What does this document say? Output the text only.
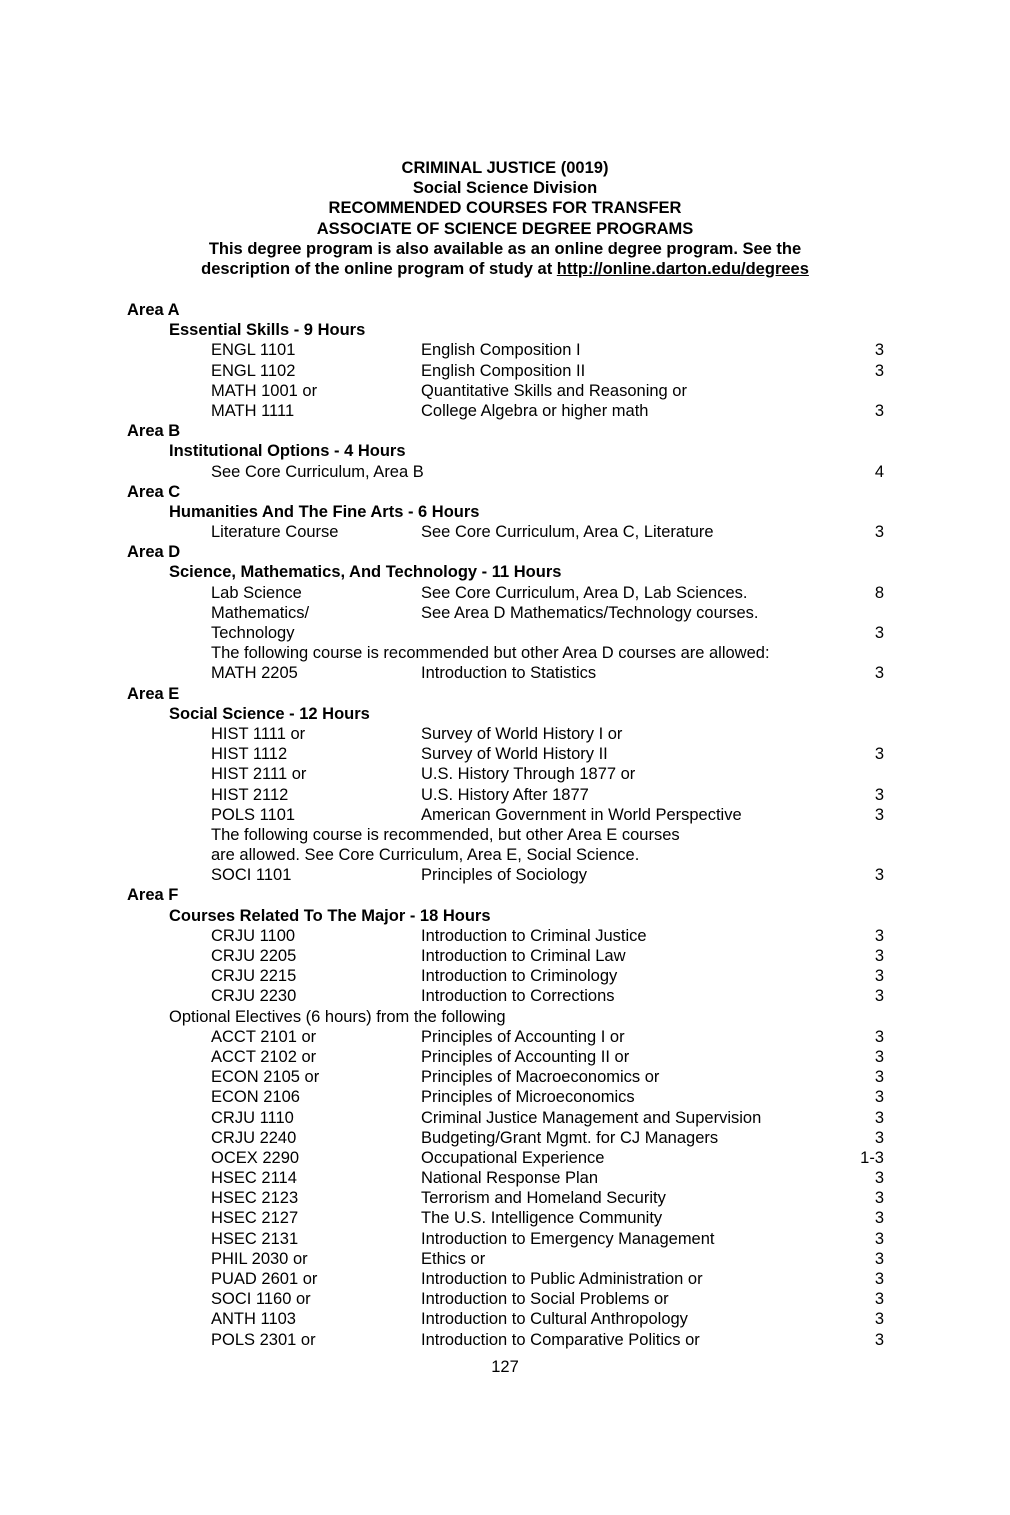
CRIMINAL JUSTICE (0019)
Social Science Division
RECOMMENDED COURSES FOR TRANSFER
ASSOCIATE OF SCIENCE DEGREE PROGRAMS
This degree program is also available as an online degree program. See the
description of the online program of study at http://online.darton.edu/degrees
Area A
Essential Skills - 9 Hours
ENGL 1101	English Composition I	3
ENGL 1102	English Composition II	3
MATH 1001 or	Quantitative Skills and Reasoning or
MATH 1111	College Algebra or higher math	3
Area B
Institutional Options - 4 Hours
See Core Curriculum, Area B	4
Area C
Humanities And The Fine Arts - 6 Hours
Literature Course	See Core Curriculum, Area C, Literature	3
Area D
Science, Mathematics, And Technology - 11 Hours
Lab Science	See Core Curriculum, Area D, Lab Sciences.	8
Mathematics/	See Area D Mathematics/Technology courses.
Technology	3
The following course is recommended but other Area D courses are allowed:
MATH 2205	Introduction to Statistics	3
Area E
Social Science - 12 Hours
HIST 1111 or	Survey of World History I or
HIST 1112	Survey of World History II	3
HIST 2111 or	U.S. History Through 1877 or
HIST 2112	U.S. History After 1877	3
POLS 1101	American Government in World Perspective	3
The following course is recommended, but other Area E courses
are allowed. See Core Curriculum, Area E, Social Science.
SOCI 1101	Principles of Sociology	3
Area F
Courses Related To The Major - 18 Hours
CRJU 1100	Introduction to Criminal Justice	3
CRJU 2205	Introduction to Criminal Law	3
CRJU 2215	Introduction to Criminology	3
CRJU 2230	Introduction to Corrections	3
Optional Electives (6 hours) from the following
ACCT 2101 or	Principles of Accounting I or	3
ACCT 2102 or	Principles of Accounting II or	3
ECON 2105 or	Principles of Macroeconomics or	3
ECON 2106	Principles of Microeconomics	3
CRJU 1110	Criminal Justice Management and Supervision	3
CRJU 2240	Budgeting/Grant Mgmt. for CJ Managers	3
OCEX 2290	Occupational Experience	1-3
HSEC 2114	National Response Plan	3
HSEC 2123	Terrorism and Homeland Security	3
HSEC 2127	The U.S. Intelligence Community	3
HSEC 2131	Introduction to Emergency Management	3
PHIL 2030 or	Ethics or	3
PUAD 2601 or	Introduction to Public Administration or	3
SOCI 1160 or	Introduction to Social Problems or	3
ANTH 1103	Introduction to Cultural Anthropology	3
POLS 2301 or	Introduction to Comparative Politics or	3
127
